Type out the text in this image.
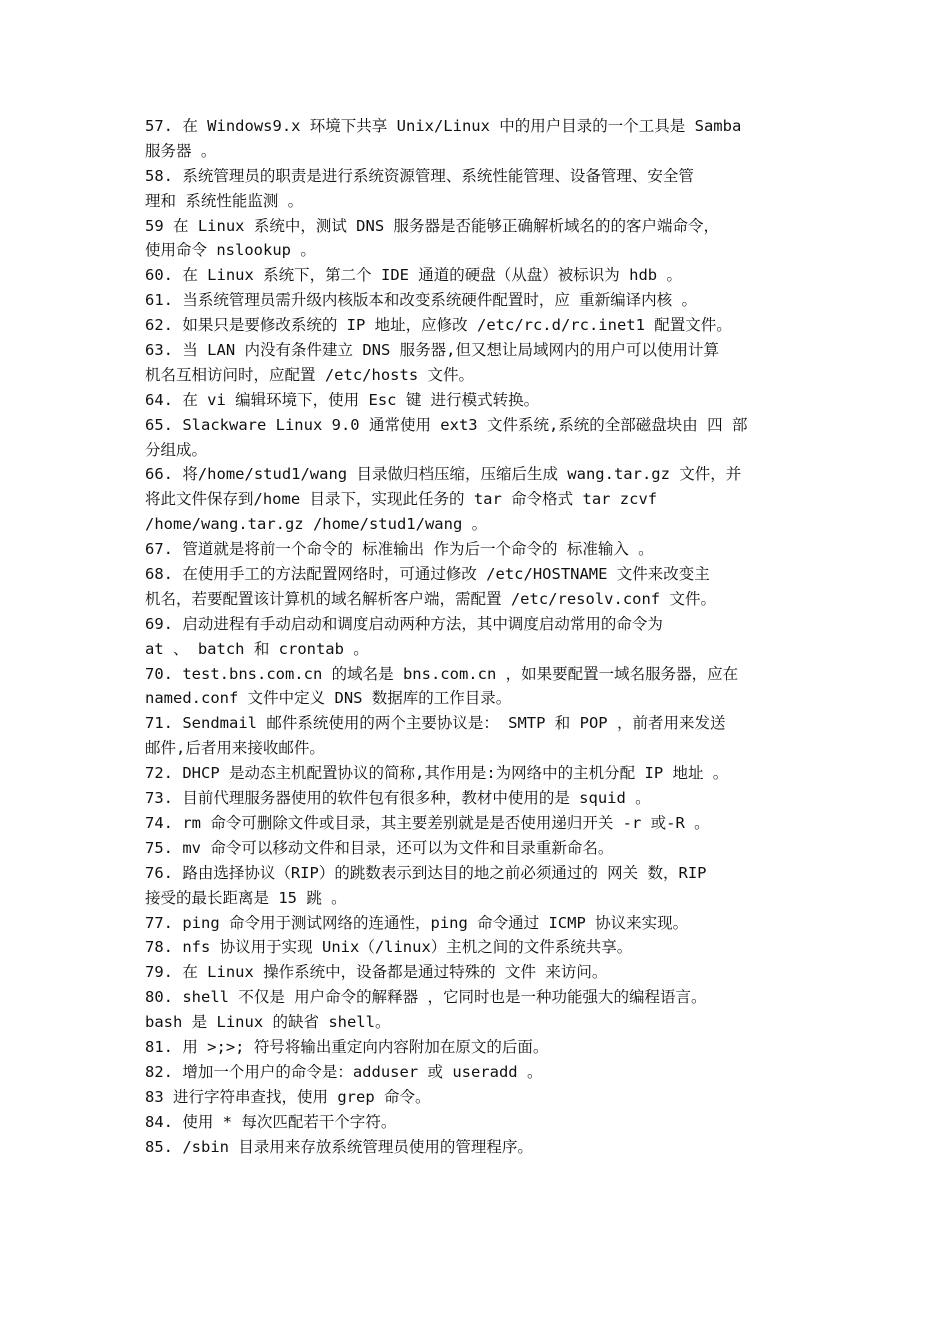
57. 在 Windows9.x 环境下共享 Unix/Linux 中的用户目录的一个工具是 Samba
服务器 。
58. 系统管理员的职责是进行系统资源管理、系统性能管理、设备管理、安全管
理和 系统性能监测 。
59 在 Linux 系统中，测试 DNS 服务器是否能够正确解析域名的的客户端命令，
使用命令 nslookup 。
60. 在 Linux 系统下，第二个 IDE 通道的硬盘（从盘）被标识为 hdb 。
61. 当系统管理员需升级内核版本和改变系统硬件配置时，应 重新编译内核 。
62. 如果只是要修改系统的 IP 地址，应修改 /etc/rc.d/rc.inet1 配置文件。
63. 当 LAN 内没有条件建立 DNS 服务器,但又想让局域网内的用户可以使用计算
机名互相访问时，应配置 /etc/hosts 文件。
64. 在 vi 编辑环境下，使用 Esc 键 进行模式转换。
65. Slackware Linux 9.0 通常使用 ext3 文件系统,系统的全部磁盘块由 四 部
分组成。
66. 将/home/stud1/wang 目录做归档压缩，压缩后生成 wang.tar.gz 文件，并
将此文件保存到/home 目录下，实现此任务的 tar 命令格式 tar zcvf
/home/wang.tar.gz /home/stud1/wang 。
67. 管道就是将前一个命令的 标准输出 作为后一个命令的 标准输入 。
68. 在使用手工的方法配置网络时，可通过修改 /etc/HOSTNAME 文件来改变主
机名，若要配置该计算机的域名解析客户端，需配置 /etc/resolv.conf 文件。
69. 启动进程有手动启动和调度启动两种方法，其中调度启动常用的命令为
at 、 batch 和 crontab 。
70. test.bns.com.cn 的域名是 bns.com.cn ，如果要配置一域名服务器，应在
named.conf 文件中定义 DNS 数据库的工作目录。
71. Sendmail 邮件系统使用的两个主要协议是： SMTP 和 POP ，前者用来发送
邮件,后者用来接收邮件。
72. DHCP 是动态主机配置协议的简称,其作用是:为网络中的主机分配 IP 地址 。
73. 目前代理服务器使用的软件包有很多种，教材中使用的是 squid 。
74. rm 命令可删除文件或目录，其主要差别就是是否使用递归开关 -r 或-R 。
75. mv 命令可以移动文件和目录，还可以为文件和目录重新命名。
76. 路由选择协议（RIP）的跳数表示到达目的地之前必须通过的 网关 数，RIP
接受的最长距离是 15 跳 。
77. ping 命令用于测试网络的连通性，ping 命令通过 ICMP 协议来实现。
78. nfs 协议用于实现 Unix（/linux）主机之间的文件系统共享。
79. 在 Linux 操作系统中，设备都是通过特殊的 文件 来访问。
80. shell 不仅是 用户命令的解释器 ，它同时也是一种功能强大的编程语言。
bash 是 Linux 的缺省 shell。
81. 用 >;>; 符号将输出重定向内容附加在原文的后面。
82. 增加一个用户的命令是：adduser 或 useradd 。
83 进行字符串查找，使用 grep 命令。
84. 使用 * 每次匹配若干个字符。
85. /sbin 目录用来存放系统管理员使用的管理程序。
